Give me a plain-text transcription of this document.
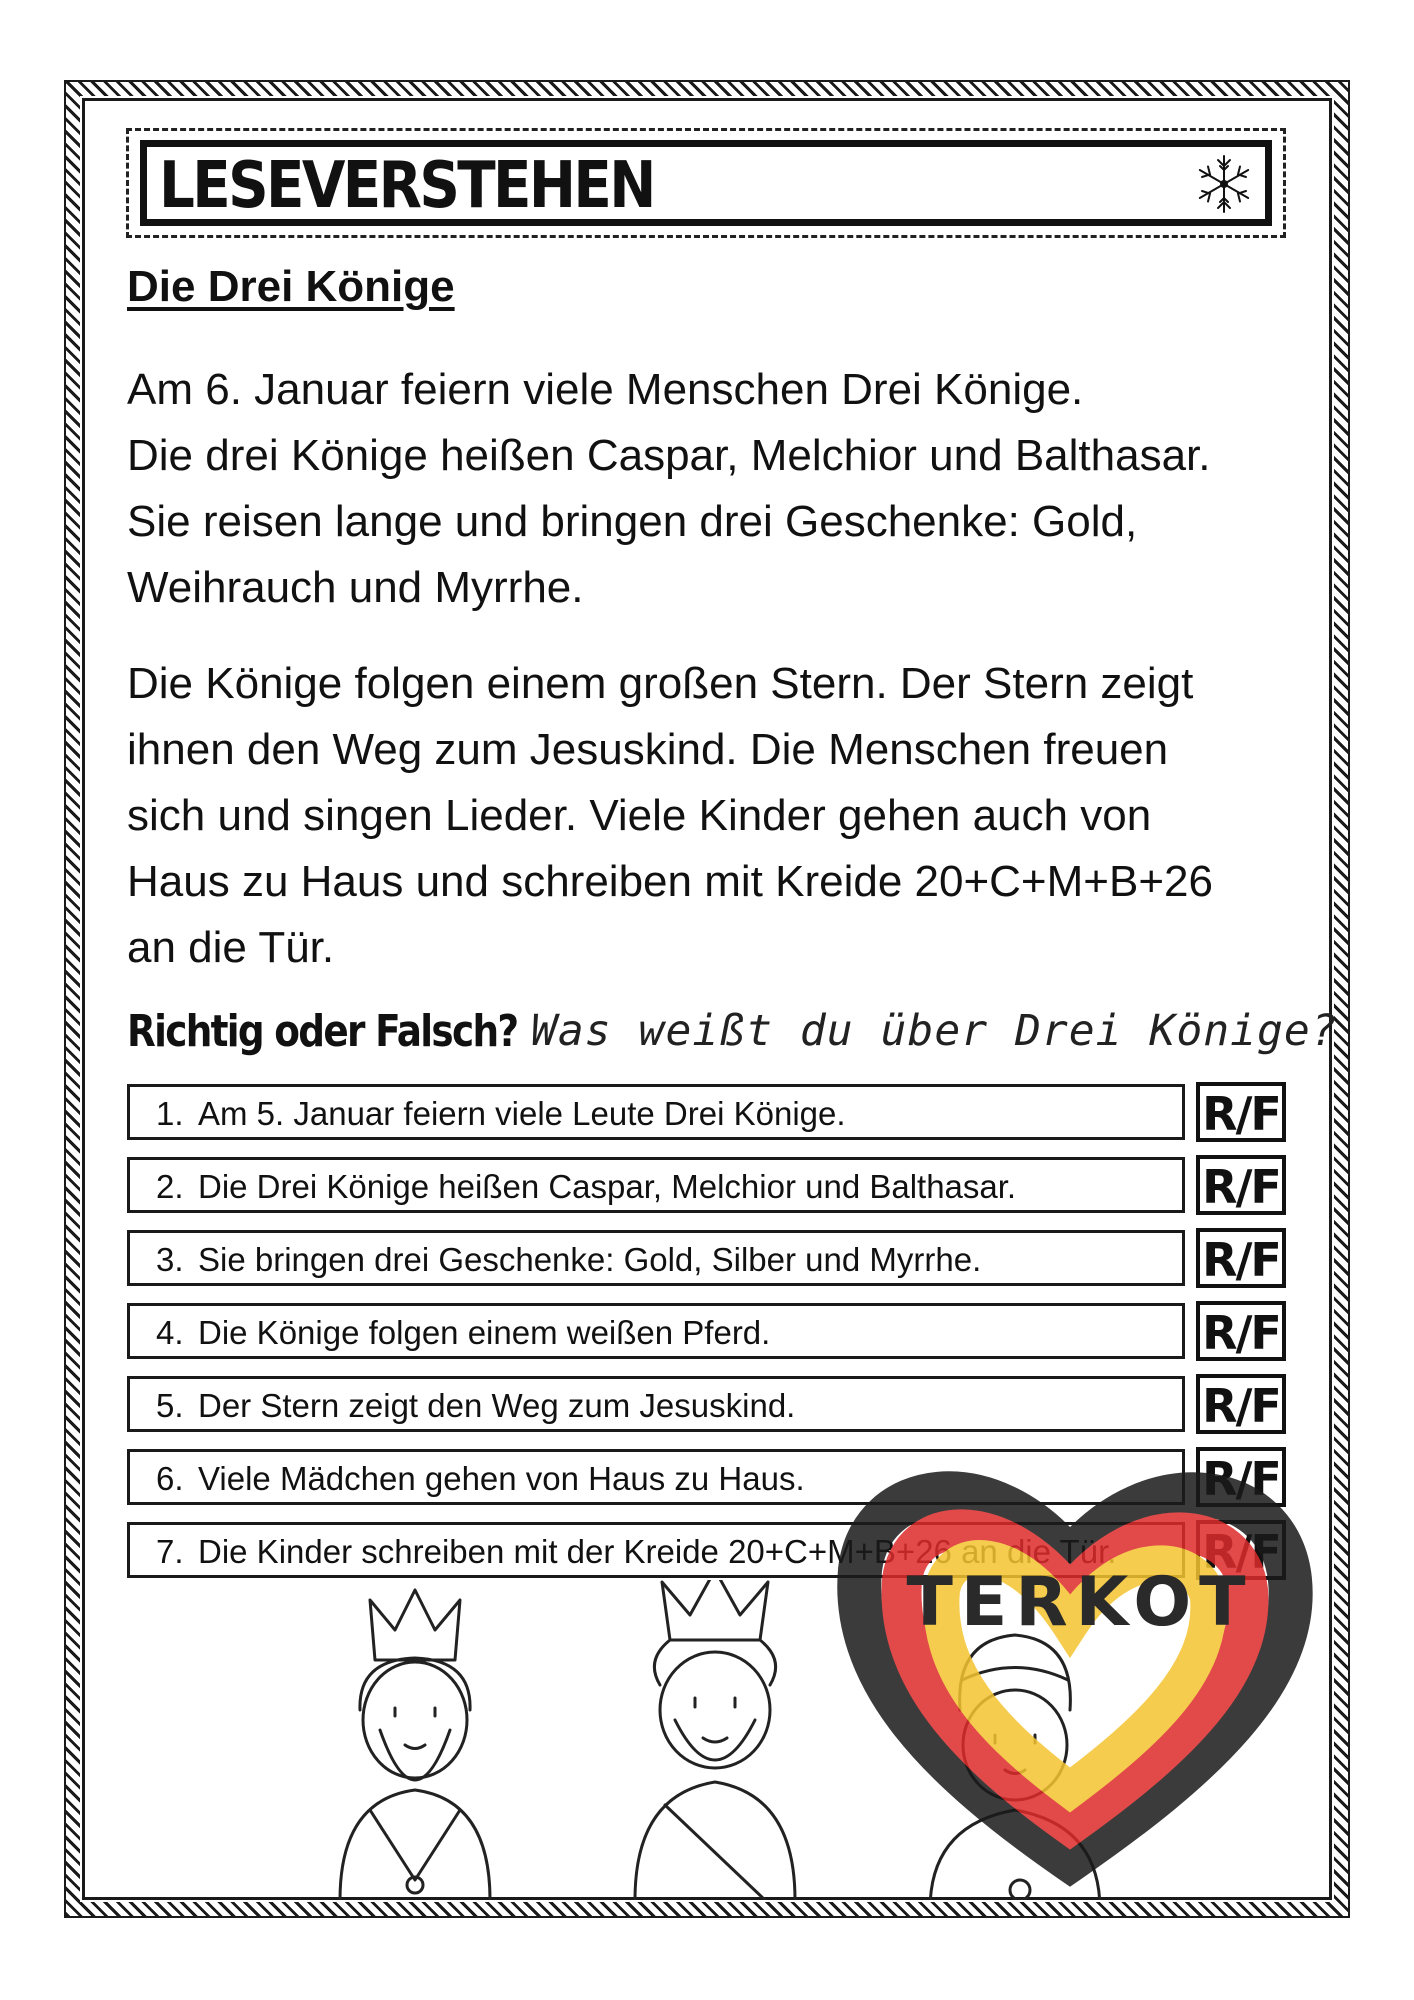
LESEVERSTEHEN
Die Drei Könige

Am 6. Januar feiern viele Menschen Drei Könige.
Die drei Könige heißen Caspar, Melchior und Balthasar.
Sie reisen lange und bringen drei Geschenke: Gold,
Weihrauch und Myrrhe.

Die Könige folgen einem großen Stern. Der Stern zeigt
ihnen den Weg zum Jesuskind. Die Menschen freuen
sich und singen Lieder. Viele Kinder gehen auch von
Haus zu Haus und schreiben mit Kreide 20+C+M+B+26
an die Tür.

Richtig oder Falsch? Was weißt du über Drei Könige?
1. Am 5. Januar feiern viele Leute Drei Könige.	R/F
2. Die Drei Könige heißen Caspar, Melchior und Balthasar.	R/F
3. Sie bringen drei Geschenke: Gold, Silber und Myrrhe.	R/F
4. Die Könige folgen einem weißen Pferd.	R/F
5. Der Stern zeigt den Weg zum Jesuskind.	R/F
6. Viele Mädchen gehen von Haus zu Haus.	R/F
7. Die Kinder schreiben mit der Kreide 20+C+M+B+26 an die Tür. R/F
TERKOT
